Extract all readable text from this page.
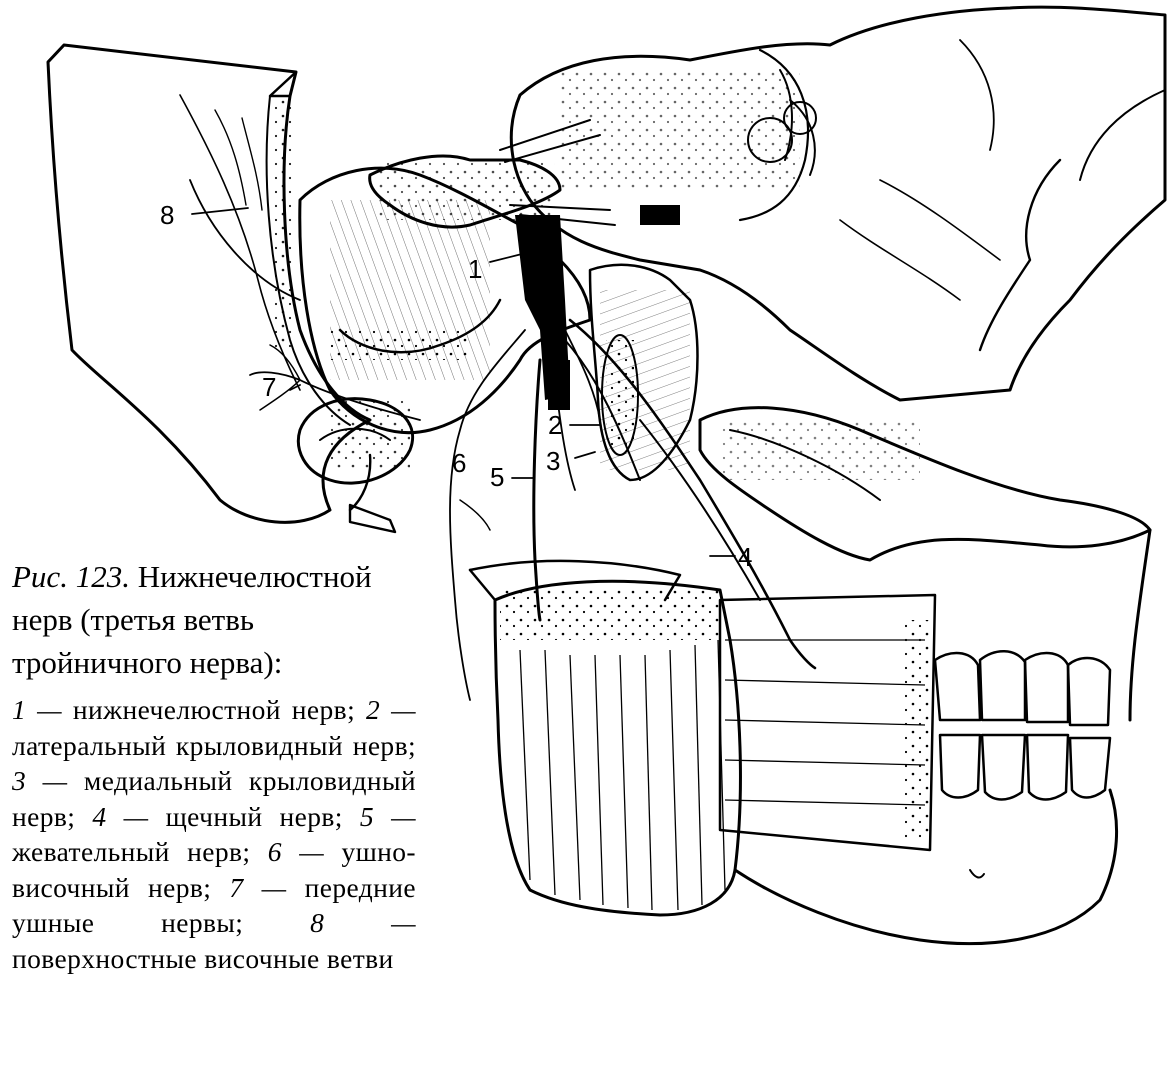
8
1
7
2
6	3
5
4

Рис. 123. Нижнечелюстной нерв (третья ветвь тройничного нерва):

1 — нижнечелюстной нерв; 2 — латеральный крыловидный нерв; 3 — медиальный крыловидный нерв; 4 — щечный нерв; 5 — жевательный нерв; 6 — ушно-височный нерв; 7 — передние ушные нервы; 8 — поверхностные височные ветви
